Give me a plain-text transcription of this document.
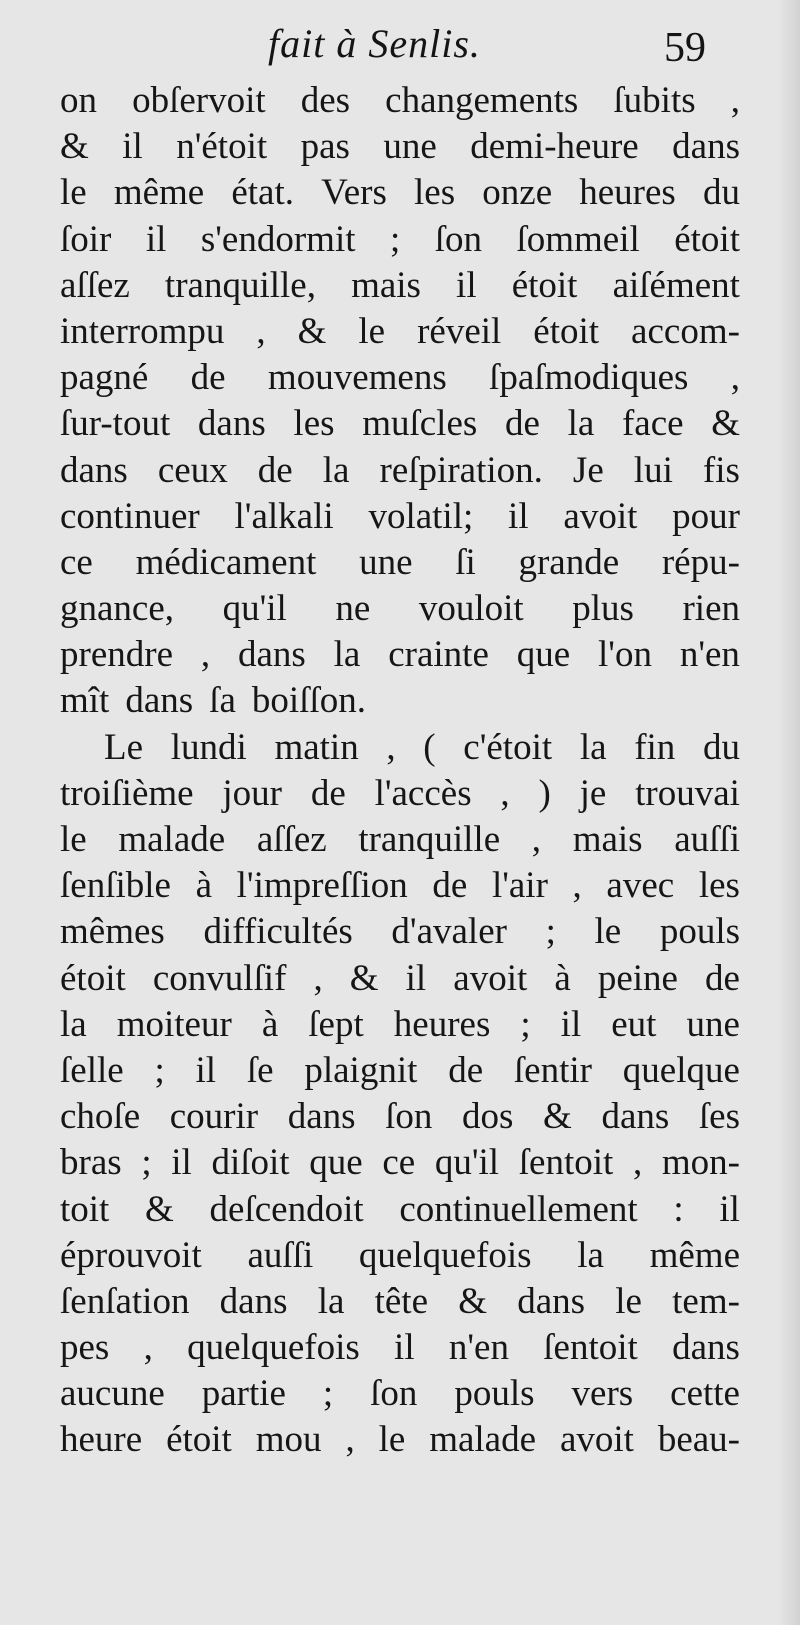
fait à Senlis.	59
on obſervoit des changements ſubits ,
& il n'étoit pas une demi-heure dans
le même état. Vers les onze heures du
ſoir il s'endormit ; ſon ſommeil étoit
aſſez tranquille, mais il étoit aiſément
interrompu , & le réveil étoit accom-
pagné de mouvemens ſpaſmodiques ,
ſur-tout dans les muſcles de la face &
dans ceux de la reſpiration. Je lui fis
continuer l'alkali volatil; il avoit pour
ce médicament une ſi grande répu-
gnance, qu'il ne vouloit plus rien
prendre , dans la crainte que l'on n'en
mît dans ſa boiſſon.
Le lundi matin , ( c'étoit la fin du
troiſième jour de l'accès , ) je trouvai
le malade aſſez tranquille , mais auſſi
ſenſible à l'impreſſion de l'air , avec les
mêmes difficultés d'avaler ; le pouls
étoit convulſif , & il avoit à peine de
la moiteur à ſept heures ; il eut une
ſelle ; il ſe plaignit de ſentir quelque
choſe courir dans ſon dos & dans ſes
bras ; il diſoit que ce qu'il ſentoit , mon-
toit & deſcendoit continuellement : il
éprouvoit auſſi quelquefois la même
ſenſation dans la tête & dans le tem-
pes , quelquefois il n'en ſentoit dans
aucune partie ; ſon pouls vers cette
heure étoit mou , le malade avoit beau-
